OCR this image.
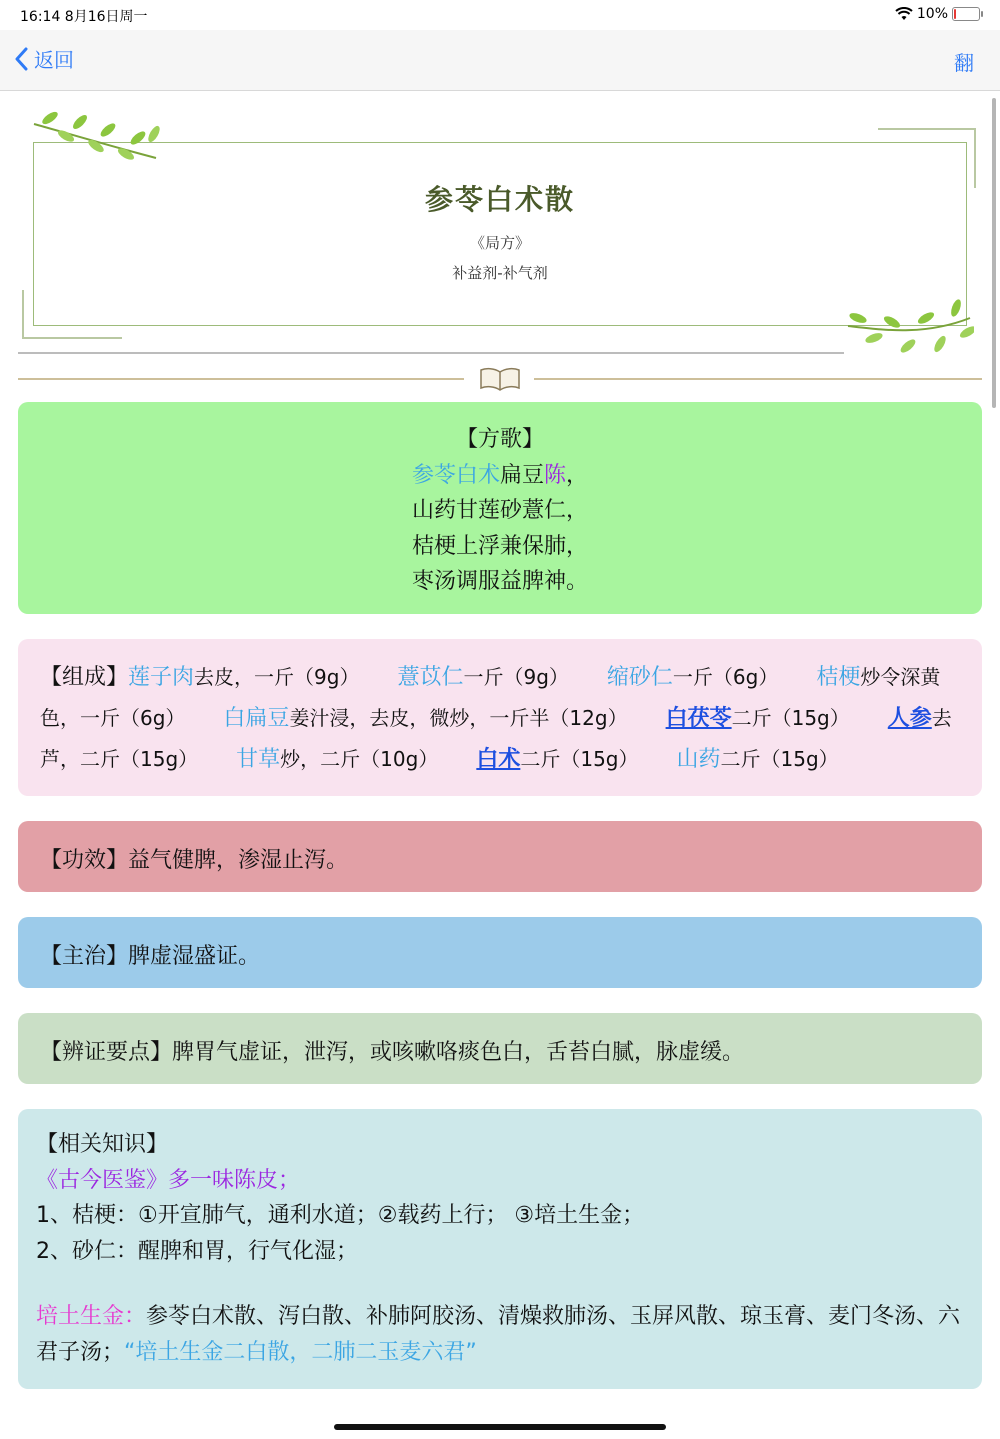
16:14 8月16日周一	10%
返回	翻
参苓白术散
《局方》
补益剂-补气剂
【方歌】
参苓白术扁豆陈，
山药甘莲砂薏仁，
桔梗上浮兼保肺，
枣汤调服益脾神。
【组成】莲子肉去皮，一斤（9g） 薏苡仁一斤（9g） 缩砂仁一斤（6g） 桔梗炒令深黄
色，一斤（6g） 白扁豆姜汁浸，去皮，微炒，一斤半（12g） 白茯苓二斤（15g） 人参去
芦，二斤（15g） 甘草炒，二斤（10g） 白术二斤（15g） 山药二斤（15g）
【功效】益气健脾，渗湿止泻。
【主治】脾虚湿盛证。
【辨证要点】脾胃气虚证，泄泻，或咳嗽咯痰色白，舌苔白腻，脉虚缓。
【相关知识】
《古今医鉴》多一味陈皮；
1、桔梗：①开宣肺气，通利水道；②载药上行； ③培土生金；
2、砂仁：醒脾和胃，行气化湿；
培土生金：参苓白术散、泻白散、补肺阿胶汤、清燥救肺汤、玉屏风散、琼玉膏、麦门冬汤、六君子汤；“培土生金二白散，二肺二玉麦六君”
